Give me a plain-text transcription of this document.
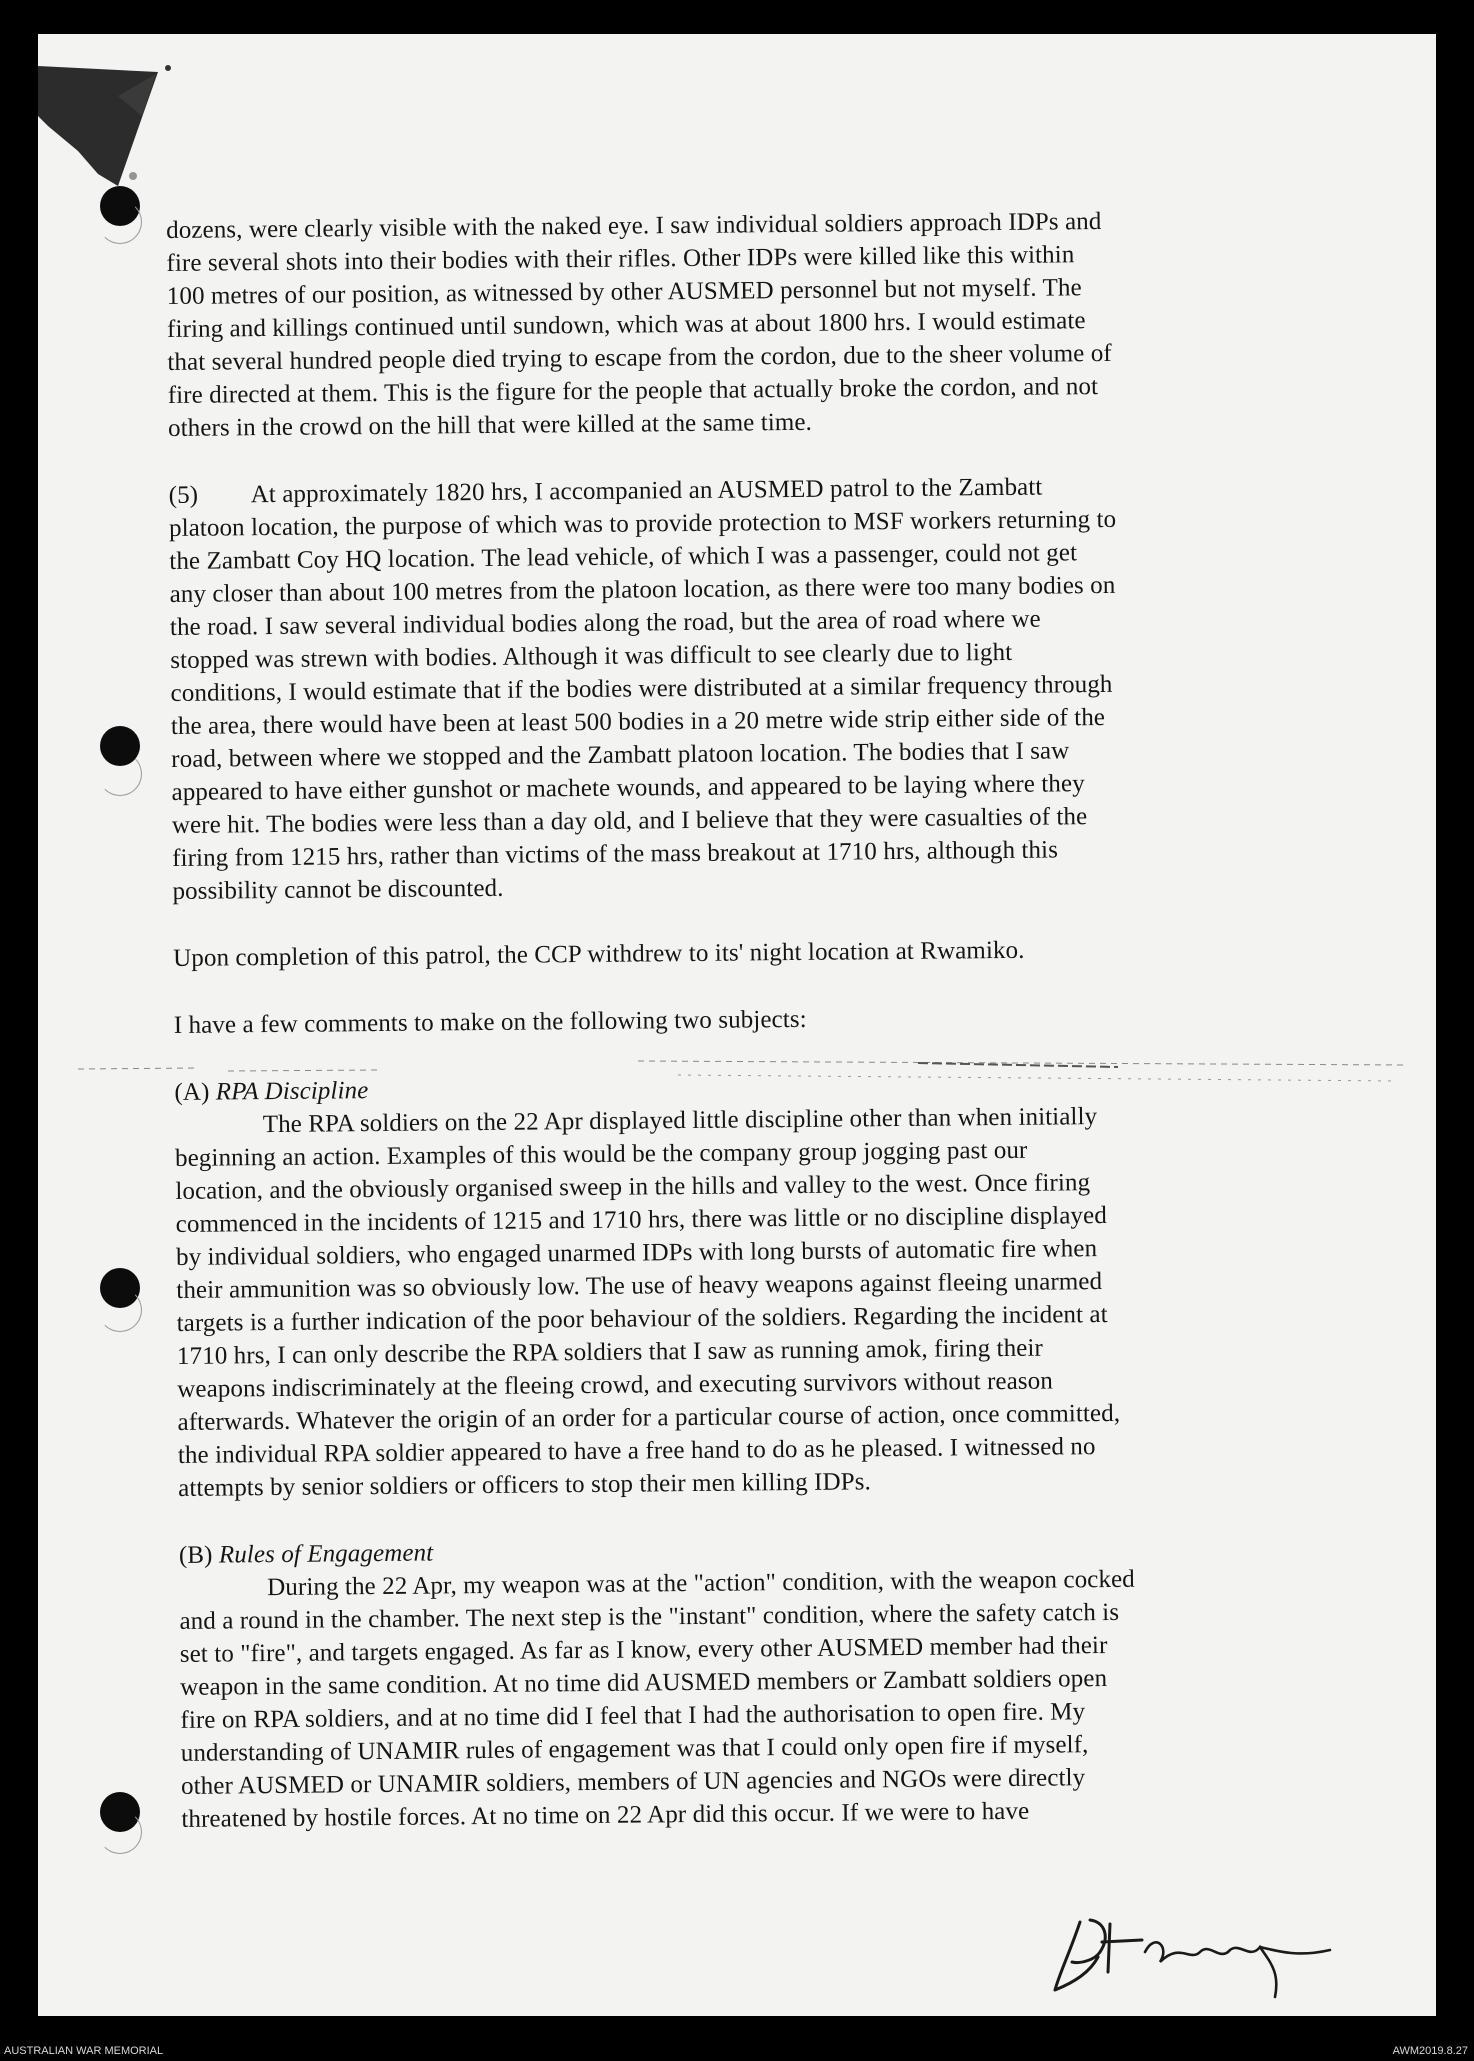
dozens, were clearly visible with the naked eye. I saw individual soldiers approach IDPs and
fire several shots into their bodies with their rifles. Other IDPs were killed like this within
100 metres of our position, as witnessed by other AUSMED personnel but not myself. The
firing and killings continued until sundown, which was at about 1800 hrs. I would estimate
that several hundred people died trying to escape from the cordon, due to the sheer volume of
fire directed at them. This is the figure for the people that actually broke the cordon, and not
others in the crowd on the hill that were killed at the same time.

(5) At approximately 1820 hrs, I accompanied an AUSMED patrol to the Zambatt
platoon location, the purpose of which was to provide protection to MSF workers returning to
the Zambatt Coy HQ location. The lead vehicle, of which I was a passenger, could not get
any closer than about 100 metres from the platoon location, as there were too many bodies on
the road. I saw several individual bodies along the road, but the area of road where we
stopped was strewn with bodies. Although it was difficult to see clearly due to light
conditions, I would estimate that if the bodies were distributed at a similar frequency through
the area, there would have been at least 500 bodies in a 20 metre wide strip either side of the
road, between where we stopped and the Zambatt platoon location. The bodies that I saw
appeared to have either gunshot or machete wounds, and appeared to be laying where they
were hit. The bodies were less than a day old, and I believe that they were casualties of the
firing from 1215 hrs, rather than victims of the mass breakout at 1710 hrs, although this
possibility cannot be discounted.

Upon completion of this patrol, the CCP withdrew to its' night location at Rwamiko.

I have a few comments to make on the following two subjects:

(A) RPA Discipline

The RPA soldiers on the 22 Apr displayed little discipline other than when initially
beginning an action. Examples of this would be the company group jogging past our
location, and the obviously organised sweep in the hills and valley to the west. Once firing
commenced in the incidents of 1215 and 1710 hrs, there was little or no discipline displayed
by individual soldiers, who engaged unarmed IDPs with long bursts of automatic fire when
their ammunition was so obviously low. The use of heavy weapons against fleeing unarmed
targets is a further indication of the poor behaviour of the soldiers. Regarding the incident at
1710 hrs, I can only describe the RPA soldiers that I saw as running amok, firing their
weapons indiscriminately at the fleeing crowd, and executing survivors without reason
afterwards. Whatever the origin of an order for a particular course of action, once committed,
the individual RPA soldier appeared to have a free hand to do as he pleased. I witnessed no
attempts by senior soldiers or officers to stop their men killing IDPs.

(B) Rules of Engagement

During the 22 Apr, my weapon was at the "action" condition, with the weapon cocked
and a round in the chamber. The next step is the "instant" condition, where the safety catch is
set to "fire", and targets engaged. As far as I know, every other AUSMED member had their
weapon in the same condition. At no time did AUSMED members or Zambatt soldiers open
fire on RPA soldiers, and at no time did I feel that I had the authorisation to open fire. My
understanding of UNAMIR rules of engagement was that I could only open fire if myself,
other AUSMED or UNAMIR soldiers, members of UN agencies and NGOs were directly
threatened by hostile forces. At no time on 22 Apr did this occur. If we were to have

AUSTRALIAN WAR MEMORIAL	AWM2019.8.27
